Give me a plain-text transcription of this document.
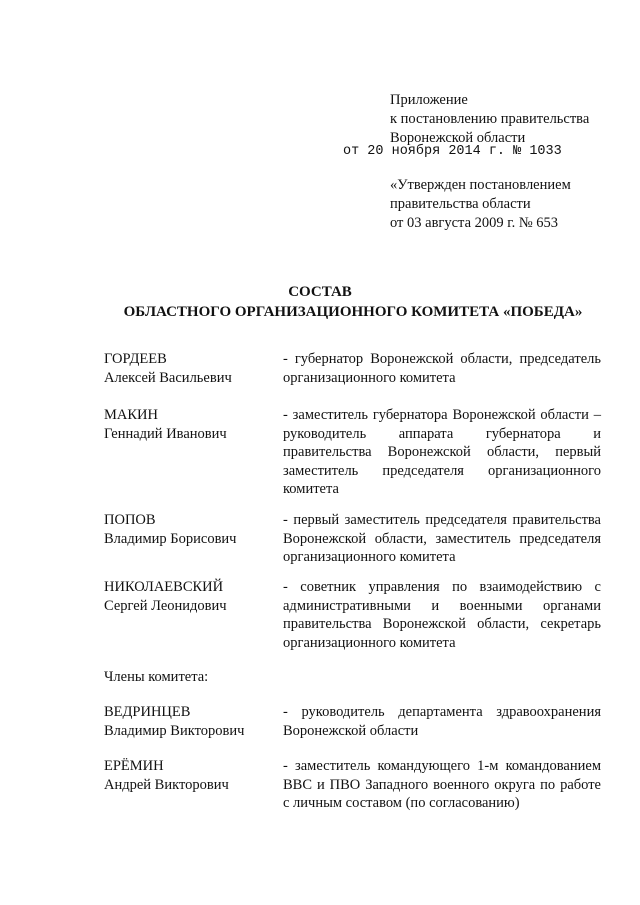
Приложение
к постановлению правительства
Воронежской области
от 20 ноября 2014 г. № 1033
«Утвержден постановлением
правительства области
от 03 августа 2009 г. № 653
СОСТАВ
ОБЛАСТНОГО ОРГАНИЗАЦИОННОГО КОМИТЕТА «ПОБЕДА»
ГОРДЕЕВ
Алексей Васильевич
- губернатор Воронежской области, председатель организационного комитета
МАКИН
Геннадий Иванович
- заместитель губернатора Воронежской области – руководитель аппарата губернатора и правительства Воронежской области, первый заместитель председателя организационного комитета
ПОПОВ
Владимир Борисович
- первый заместитель председателя правительства Воронежской области, заместитель председателя организационного комитета
НИКОЛАЕВСКИЙ
Сергей Леонидович
- советник управления по взаимодействию с административными и военными органами правительства Воронежской области, секретарь организационного комитета
Члены комитета:
ВЕДРИНЦЕВ
Владимир Викторович
- руководитель департамента здравоохранения Воронежской области
ЕРЁМИН
Андрей Викторович
- заместитель командующего 1-м командованием ВВС и ПВО Западного военного округа по работе с личным составом (по согласованию)
